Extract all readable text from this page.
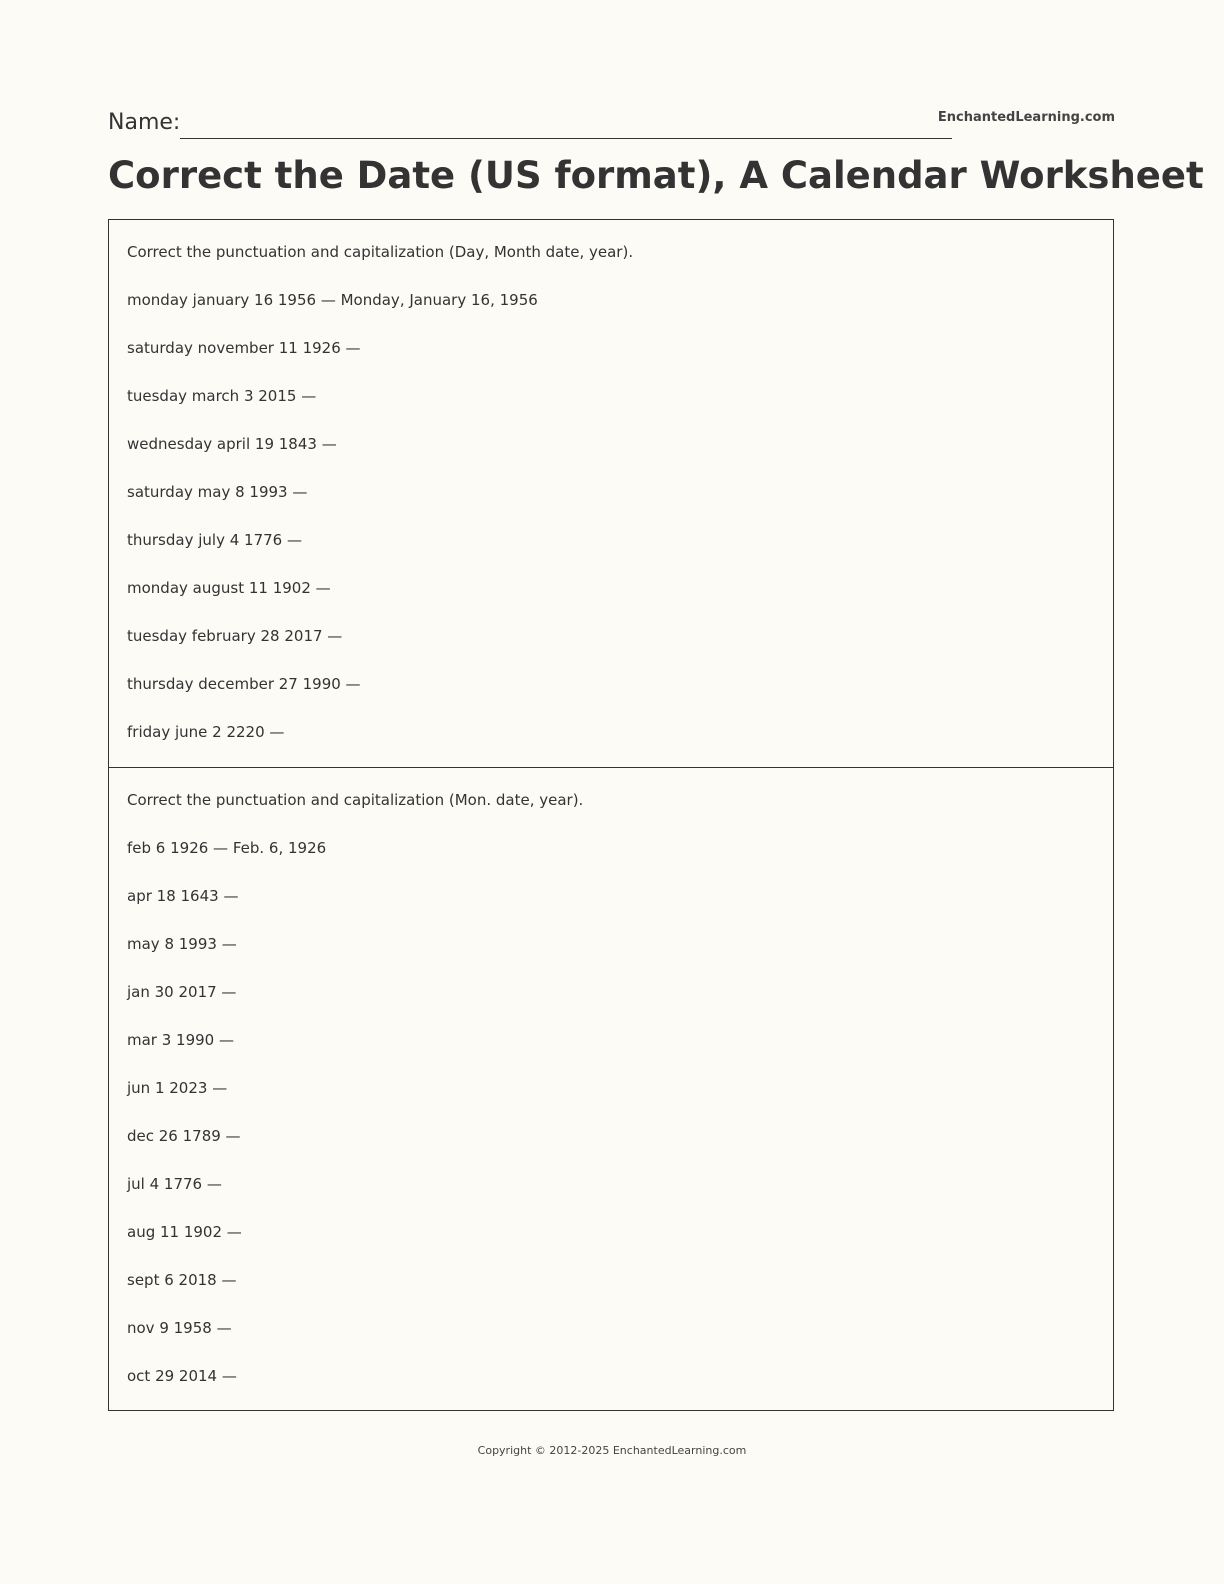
Name:	EnchantedLearning.com
Correct the Date (US format), A Calendar Worksheet

Correct the punctuation and capitalization (Day, Month date, year).

monday january 16 1956 — Monday, January 16, 1956

saturday november 11 1926 —

tuesday march 3 2015 —

wednesday april 19 1843 —

saturday may 8 1993 —

thursday july 4 1776 —

monday august 11 1902 —

tuesday february 28 2017 —

thursday december 27 1990 —

friday june 2 2220 —

Correct the punctuation and capitalization (Mon. date, year).

feb 6 1926 — Feb. 6, 1926

apr 18 1643 —

may 8 1993 —

jan 30 2017 —

mar 3 1990 —

jun 1 2023 —

dec 26 1789 —

jul 4 1776 —

aug 11 1902 —

sept 6 2018 —

nov 9 1958 —

oct 29 2014 —

Copyright © 2012-2025 EnchantedLearning.com
